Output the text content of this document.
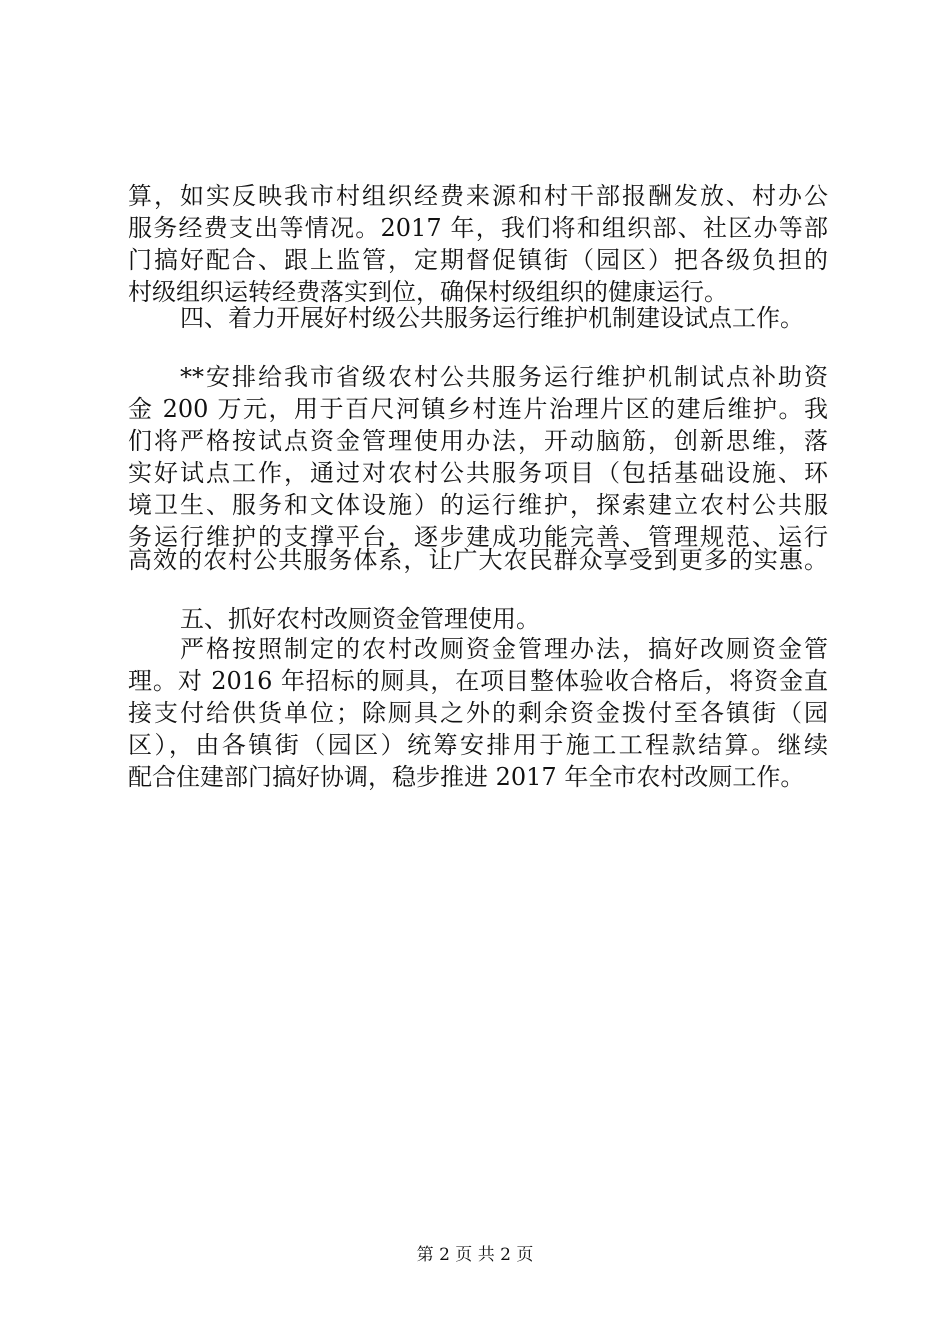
算，如实反映我市村组织经费来源和村干部报酬发放、村办公
服务经费支出等情况。2017 年，我们将和组织部、社区办等部
门搞好配合、跟上监管，定期督促镇街（园区）把各级负担的
村级组织运转经费落实到位，确保村级组织的健康运行。
四、着力开展好村级公共服务运行维护机制建设试点工作。
**安排给我市省级农村公共服务运行维护机制试点补助资
金 200 万元，用于百尺河镇乡村连片治理片区的建后维护。我
们将严格按试点资金管理使用办法，开动脑筋，创新思维，落
实好试点工作，通过对农村公共服务项目（包括基础设施、环
境卫生、服务和文体设施）的运行维护，探索建立农村公共服
务运行维护的支撑平台，逐步建成功能完善、管理规范、运行
高效的农村公共服务体系，让广大农民群众享受到更多的实惠。
五、抓好农村改厕资金管理使用。
严格按照制定的农村改厕资金管理办法，搞好改厕资金管
理。对 2016 年招标的厕具，在项目整体验收合格后，将资金直
接支付给供货单位；除厕具之外的剩余资金拨付至各镇街（园
区），由各镇街（园区）统筹安排用于施工工程款结算。继续
配合住建部门搞好协调，稳步推进 2017 年全市农村改厕工作。
第 2 页 共 2 页
